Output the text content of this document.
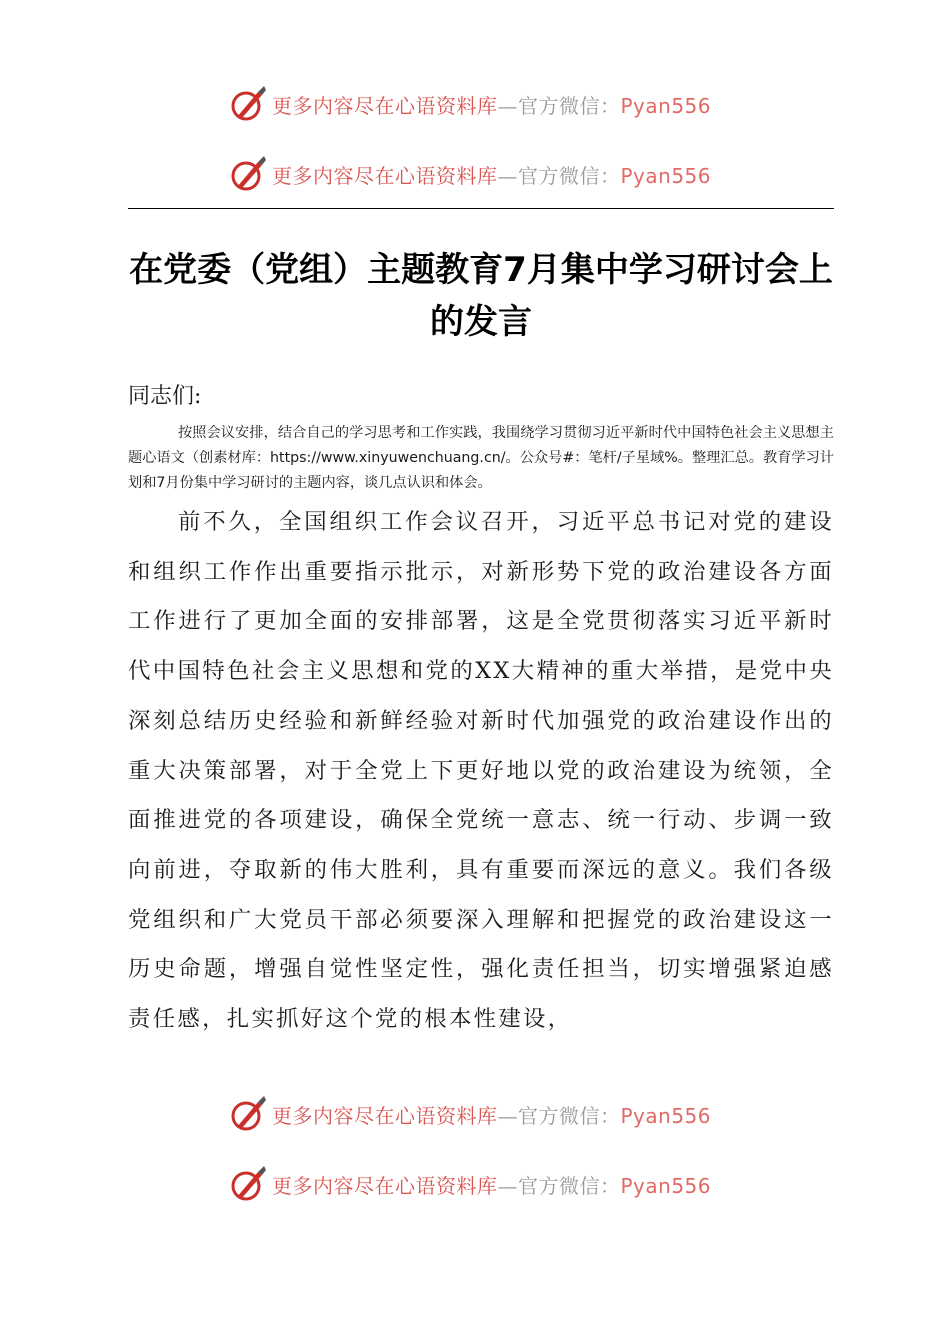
更多内容尽在心语资料库—官方微信：Pyan556
更多内容尽在心语资料库—官方微信：Pyan556
在党委（党组）主题教育7月集中学习研讨会上的发言

同志们:

按照会议安排，结合自己的学习思考和工作实践，我围绕学习贯彻习近平新时代中国特色社会主义思想主题心语文（创素材库：https://www.xinyuwenchuang.cn/。公众号#：笔杆/子星域%。整理汇总。教育学习计划和7月份集中学习研讨的主题内容，谈几点认识和体会。

前不久，全国组织工作会议召开，习近平总书记对党的建设和组织工作作出重要指示批示，对新形势下党的政治建设各方面工作进行了更加全面的安排部署，这是全党贯彻落实习近平新时代中国特色社会主义思想和党的XX大精神的重大举措，是党中央深刻总结历史经验和新鲜经验对新时代加强党的政治建设作出的重大决策部署，对于全党上下更好地以党的政治建设为统领，全面推进党的各项建设，确保全党统一意志、统一行动、步调一致向前进，夺取新的伟大胜利，具有重要而深远的意义。我们各级党组织和广大党员干部必须要深入理解和把握党的政治建设这一历史命题，增强自觉性坚定性，强化责任担当，切实增强紧迫感责任感，扎实抓好这个党的根本性建设，

更多内容尽在心语资料库—官方微信：Pyan556
更多内容尽在心语资料库—官方微信：Pyan556
